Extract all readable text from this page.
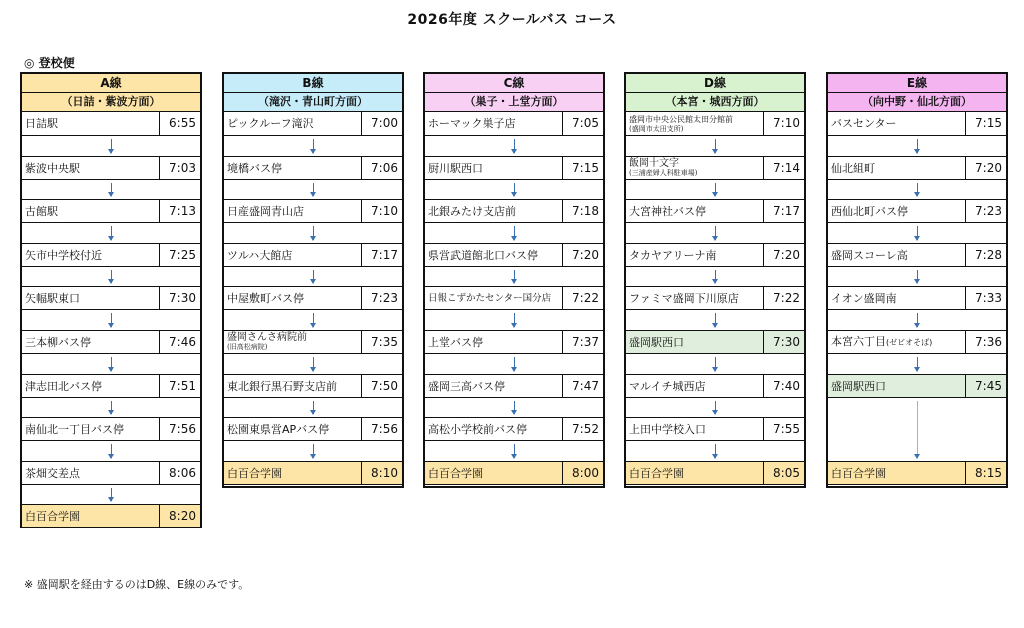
2026年度 スクールバス コース
◎ 登校便
A線
（日詰・紫波方面）
日詰駅	6:55
紫波中央駅	7:03
古館駅	7:13
矢市中学校付近	7:25
矢幅駅東口	7:30
三本柳バス停	7:46
津志田北バス停	7:51
南仙北一丁目バス停	7:56
茶畑交差点	8:06
白百合学園	8:20
B線
（滝沢・青山町方面）
ピックルーフ滝沢	7:00
境橋バス停	7:06
日産盛岡青山店	7:10
ツルハ大館店	7:17
中屋敷町バス停	7:23
盛岡さんさ病院前
(旧高松病院)	7:35
東北銀行黒石野支店前	7:50
松園東県営APバス停	7:56
白百合学園	8:10
C線
（巣子・上堂方面）
ホーマック巣子店	7:05
厨川駅西口	7:15
北銀みたけ支店前	7:18
県営武道館北口バス停	7:20
日報こずかたセンター国分店	7:22
上堂バス停	7:37
盛岡三高バス停	7:47
高松小学校前バス停	7:52
白百合学園	8:00
D線
（本宮・城西方面）
盛岡市中央公民館太田分館前
(盛岡市太田支所)	7:10
飯岡十文字
(三浦産婦人科駐車場)	7:14
大宮神社バス停	7:17
タカヤアリーナ南	7:20
ファミマ盛岡下川原店	7:22
盛岡駅西口	7:30
マルイチ城西店	7:40
上田中学校入口	7:55
白百合学園	8:05
E線
（向中野・仙北方面）
バスセンター	7:15
仙北組町	7:20
西仙北町バス停	7:23
盛岡スコーレ高	7:28
イオン盛岡南	7:33
本宮六丁目(ゼビオそば)	7:36
盛岡駅西口	7:45
白百合学園	8:15
※ 盛岡駅を経由するのはD線、E線のみです。
